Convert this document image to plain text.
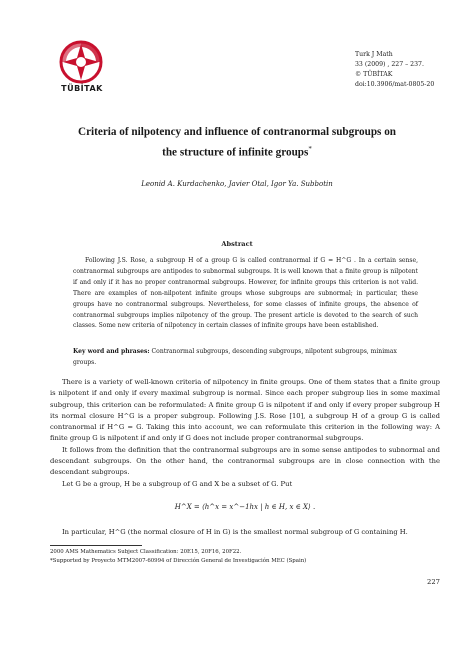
TÜBİTAK
Turk J Math
33 (2009) , 227 – 237.
© TÜBİTAK
doi:10.3906/mat-0805-20
Criteria of nilpotency and influence of contranormal subgroups on
the structure of infinite groups*
Leonid A. Kurdachenko, Javier Otal, Igor Ya. Subbotin
Abstract
Following J.S. Rose, a subgroup H of a group G is called contranormal if G = H^G . In a certain sense, contranormal subgroups are antipodes to subnormal subgroups. It is well known that a finite group is nilpotent if and only if it has no proper contranormal subgroups. However, for infinite groups this criterion is not valid. There are examples of non-nilpotent infinite groups whose subgroups are subnormal; in particular, these groups have no contranormal subgroups. Nevertheless, for some classes of infinite groups, the absence of contranormal subgroups implies nilpotency of the group. The present article is devoted to the search of such classes. Some new criteria of nilpotency in certain classes of infinite groups have been established.
Key word and phrases: Contranormal subgroups, descending subgroups, nilpotent subgroups, minimax groups.

There is a variety of well-known criteria of nilpotency in finite groups. One of them states that a finite group is nilpotent if and only if every maximal subgroup is normal. Since each proper subgroup lies in some maximal subgroup, this criterion can be reformulated: A finite group G is nilpotent if and only if every proper subgroup H its normal closure H^G is a proper subgroup. Following J.S. Rose [10], a subgroup H of a group G is called contranormal if H^G = G. Taking this into account, we can reformulate this criterion in the following way: A finite group G is nilpotent if and only if G does not include proper contranormal subgroups.

It follows from the definition that the contranormal subgroups are in some sense antipodes to subnormal and descendant subgroups. On the other hand, the contranormal subgroups are in close connection with the descendant subgroups.

Let G be a group, H be a subgroup of G and X be a subset of G. Put

H^X = ⟨h^x = x^−1hx | h ∈ H, x ∈ X⟩ .

In particular, H^G (the normal closure of H in G) is the smallest normal subgroup of G containing H.

2000 AMS Mathematics Subject Classification: 20E15, 20F16, 20F22.
*Supported by Proyecto MTM2007-60994 of Dirección General de Investigación MEC (Spain)
227
